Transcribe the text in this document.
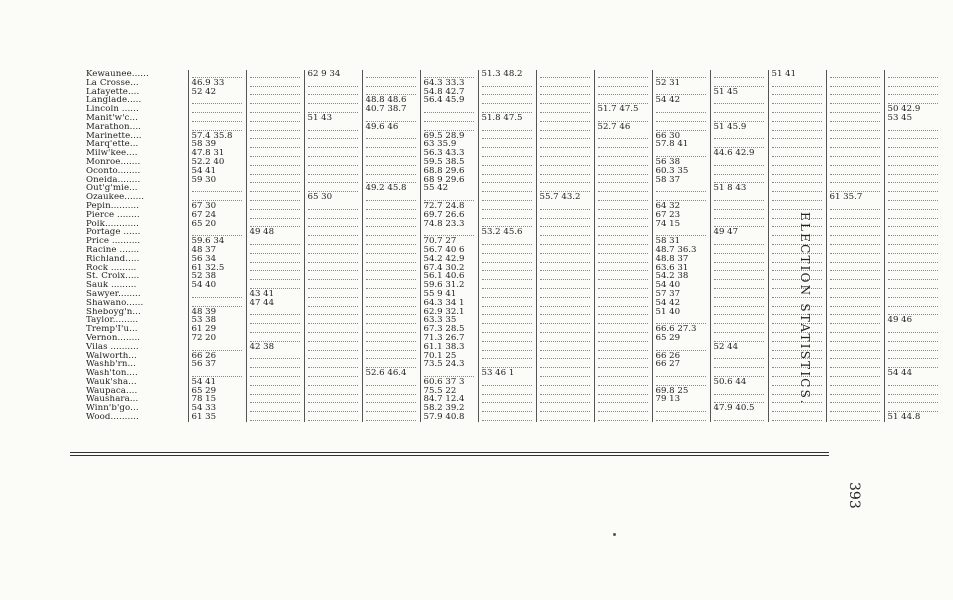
Kewaunee......			62 9 34			51.3 48.2					51 41	

La Crosse...	46.9 33				64.3 33.3				52 31	

Lafayette....	52 42				54.8 42.7					51 45	

Langlade.....				48.8 48.6	56.4 45.9				54 42	

Lincoln ......				40.7 38.7				51.7 47.5					50 42.9
Manit'w'c...			51 43			51.8 47.5							53 45
Marathon....				49.6 46				52.7 46		51 45.9	

Marinette....	57.4 35.8				69.5 28.9				66 30	

Marq'ette...	58 39				63 35.9				57.8 41	

Milw'kee....	47.8 31				56.3 43.3					44.6 42.9	

Monroe.......	52.2 40				59.5 38.5				56 38	

Oconto........	54 41				68.8 29.6				60.3 35	

Oneida........	59 30				68 9 29.6				58 37	

Out'g'mie...				49.2 45.8	55 42					51 8 43	

Ozaukee.......			65 30				55.7 43.2					61 35.7	

Pepin..........	67 30				72.7 24.8				64 32	

Pierce ........	67 24				69.7 26.6				67 23	

Polk............	65 20				74.8 23.3				74 15	

Portage ......		49 48				53.2 45.6				49 47	

Price ..........	59.6 34				70.7 27				58 31	

Racine .......	48 37				56.7 40 6				48.7 36.3	

Richland.....	56 34				54.2 42.9				48.8 37	

Rock .........	61 32.5				67.4 30.2				63.6 31	

St. Croix.....	52 38				56.1 40.6				54.2 38	

Sauk .........	54 40				59.6 31.2				54 40	

Sawyer........		43 41			55 9 41				57 37	

Shawano......		47 44			64.3 34 1				54 42	

Sheboyg'n...	48 39				62.9 32.1				51 40	

Taylor.........	53 38				63.3 35								49 46
Tremp'I'u...	61 29				67.3 28.5				66.6 27.3	

Vernon........	72 20				71.3 26.7				65 29	

Vilas ..........		42 38			61.1 38.3					52 44	

Walworth...	66 26				70.1 25				66 26	

Washb'rn...	56 37				73.5 24.3				66 27	

Wash'ton....				52.6 46.4		53 46 1							54 44
Wauk'sha...	54 41				60.6 37 3					50.6 44	

Waupaca....	65 29				75.5 22				69.8 25	

Waushara...	78 15				84.7 12.4				79 13	

Winn'b'go...	54 33				58.2 39.2					47.9 40.5	

Wood..........	61 35				57.9 40.8								51 44.8
ELECTION STATISTICS.
393
